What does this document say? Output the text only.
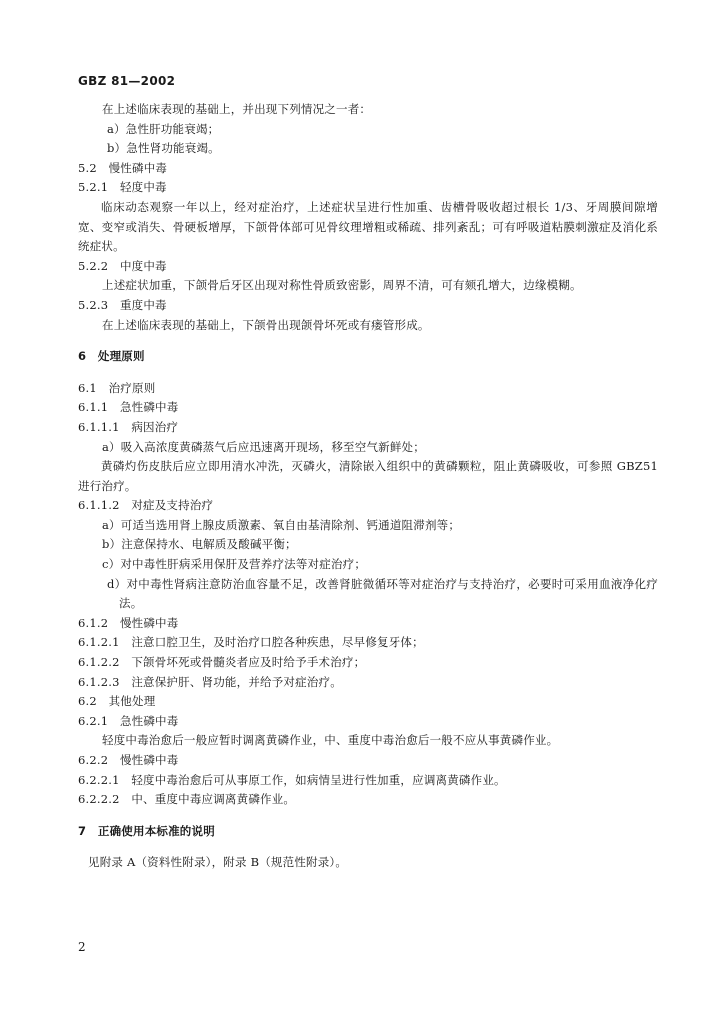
GBZ 81—2002
在上述临床表现的基础上，并出现下列情况之一者：
a）急性肝功能衰竭；
b）急性肾功能衰竭。
5.2　慢性磷中毒
5.2.1　轻度中毒
临床动态观察一年以上，经对症治疗，上述症状呈进行性加重、齿槽骨吸收超过根长 1/3、牙周膜间隙增宽、变窄或消失、骨硬板增厚，下颌骨体部可见骨纹理增粗或稀疏、排列紊乱；可有呼吸道粘膜刺激症及消化系统症状。
5.2.2　中度中毒
上述症状加重，下颌骨后牙区出现对称性骨质致密影，周界不清，可有颏孔增大，边缘模糊。
5.2.3　重度中毒
在上述临床表现的基础上，下颌骨出现颌骨坏死或有瘘管形成。
6　处理原则
6.1　治疗原则
6.1.1　急性磷中毒
6.1.1.1　病因治疗
a）吸入高浓度黄磷蒸气后应迅速离开现场，移至空气新鲜处；
黄磷灼伤皮肤后应立即用清水冲洗，灭磷火，清除嵌入组织中的黄磷颗粒，阻止黄磷吸收，可参照 GBZ51 进行治疗。
6.1.1.2　对症及支持治疗
a）可适当选用肾上腺皮质激素、氧自由基清除剂、钙通道阻滞剂等；
b）注意保持水、电解质及酸碱平衡；
c）对中毒性肝病采用保肝及营养疗法等对症治疗；
d）对中毒性肾病注意防治血容量不足，改善肾脏微循环等对症治疗与支持治疗，必要时可采用血液净化疗法。
6.1.2　慢性磷中毒
6.1.2.1　注意口腔卫生，及时治疗口腔各种疾患，尽早修复牙体；
6.1.2.2　下颌骨坏死或骨髓炎者应及时给予手术治疗；
6.1.2.3　注意保护肝、肾功能，并给予对症治疗。
6.2　其他处理
6.2.1　急性磷中毒
轻度中毒治愈后一般应暂时调离黄磷作业，中、重度中毒治愈后一般不应从事黄磷作业。
6.2.2　慢性磷中毒
6.2.2.1　轻度中毒治愈后可从事原工作，如病情呈进行性加重，应调离黄磷作业。
6.2.2.2　中、重度中毒应调离黄磷作业。
7　正确使用本标准的说明
见附录 A（资料性附录），附录 B（规范性附录）。
2
